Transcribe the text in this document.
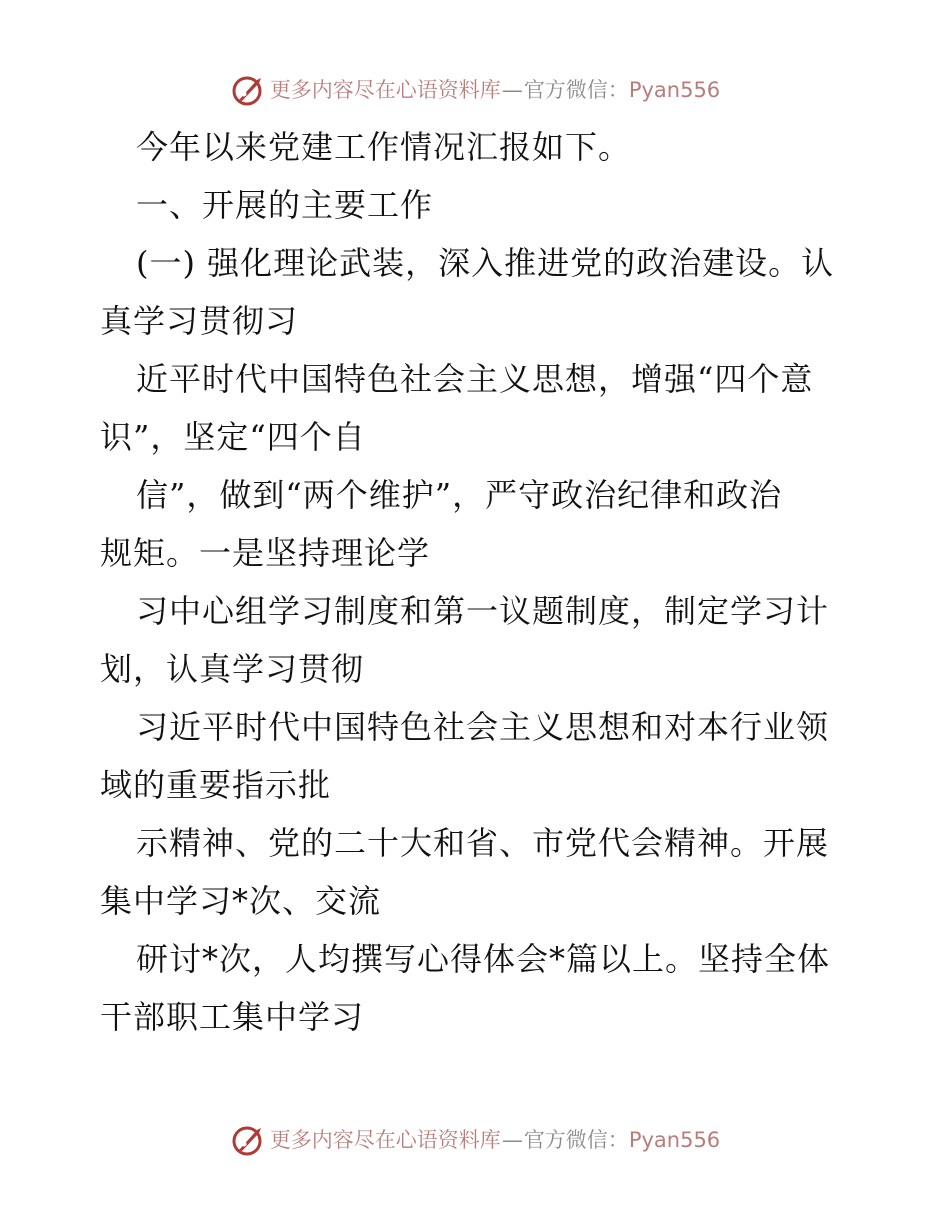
更多内容尽在心语资料库 — 官方微信： Pyan556
今年以来党建工作情况汇报如下。
一、开展的主要工作
(一) 强化理论武装，深入推进党的政治建设。认
真学习贯彻习
近平时代中国特色社会主义思想，增强“四个意
识”，坚定“四个自
信”，做到“两个维护”，严守政治纪律和政治
规矩。一是坚持理论学
习中心组学习制度和第一议题制度，制定学习计
划，认真学习贯彻
习近平时代中国特色社会主义思想和对本行业领
域的重要指示批
示精神、党的二十大和省、市党代会精神。开展
集中学习*次、交流
研讨*次，人均撰写心得体会*篇以上。坚持全体
干部职工集中学习
更多内容尽在心语资料库 — 官方微信： Pyan556
